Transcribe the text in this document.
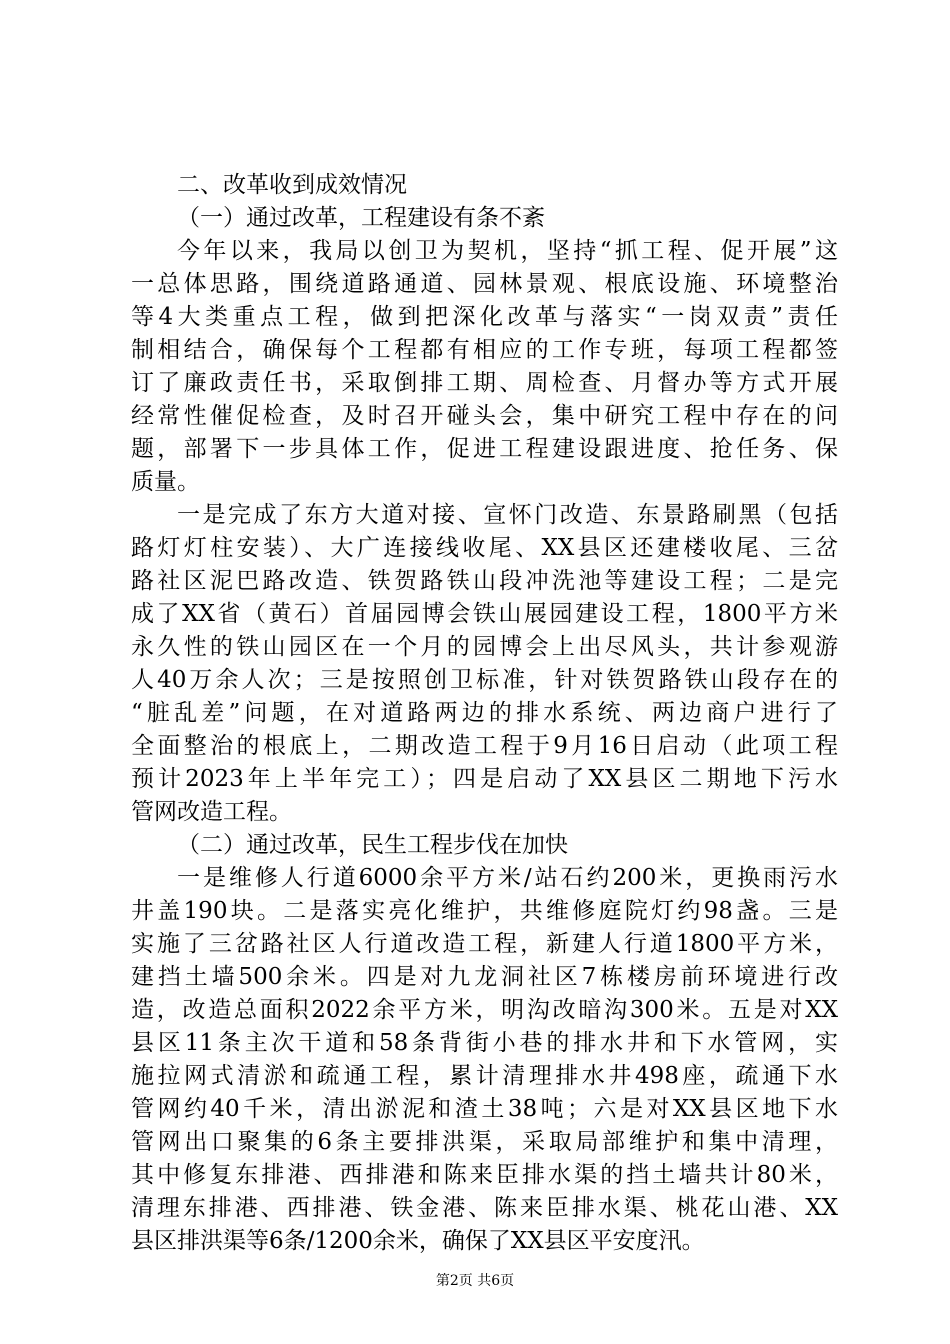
二、改革收到成效情况
（一）通过改革，工程建设有条不紊
今年以来，我局以创卫为契机，坚持“抓工程、促开展”这
一总体思路，围绕道路通道、园林景观、根底设施、环境整治
等4大类重点工程，做到把深化改革与落实“一岗双责”责任
制相结合，确保每个工程都有相应的工作专班，每项工程都签
订了廉政责任书，采取倒排工期、周检查、月督办等方式开展
经常性催促检查，及时召开碰头会，集中研究工程中存在的问
题，部署下一步具体工作，促进工程建设跟进度、抢任务、保
质量。
一是完成了东方大道对接、宣怀门改造、东景路刷黑（包括
路灯灯柱安装）、大广连接线收尾、XX县区还建楼收尾、三岔
路社区泥巴路改造、铁贺路铁山段冲洗池等建设工程；二是完
成了XX省（黄石）首届园博会铁山展园建设工程，1800平方米
永久性的铁山园区在一个月的园博会上出尽风头，共计参观游
人40万余人次；三是按照创卫标准，针对铁贺路铁山段存在的
“脏乱差”问题，在对道路两边的排水系统、两边商户进行了
全面整治的根底上，二期改造工程于9月16日启动（此项工程
预计2023年上半年完工）；四是启动了XX县区二期地下污水
管网改造工程。
（二）通过改革，民生工程步伐在加快
一是维修人行道6000余平方米/站石约200米，更换雨污水
井盖190块。二是落实亮化维护，共维修庭院灯约98盏。三是
实施了三岔路社区人行道改造工程，新建人行道1800平方米，
建挡土墙500余米。四是对九龙洞社区7栋楼房前环境进行改
造，改造总面积2022余平方米，明沟改暗沟300米。五是对XX
县区11条主次干道和58条背街小巷的排水井和下水管网，实
施拉网式清淤和疏通工程，累计清理排水井498座，疏通下水
管网约40千米，清出淤泥和渣土38吨；六是对XX县区地下水
管网出口聚集的6条主要排洪渠，采取局部维护和集中清理，
其中修复东排港、西排港和陈来臣排水渠的挡土墙共计80米，
清理东排港、西排港、铁金港、陈来臣排水渠、桃花山港、XX
县区排洪渠等6条/1200余米，确保了XX县区平安度汛。
第2页 共6页
